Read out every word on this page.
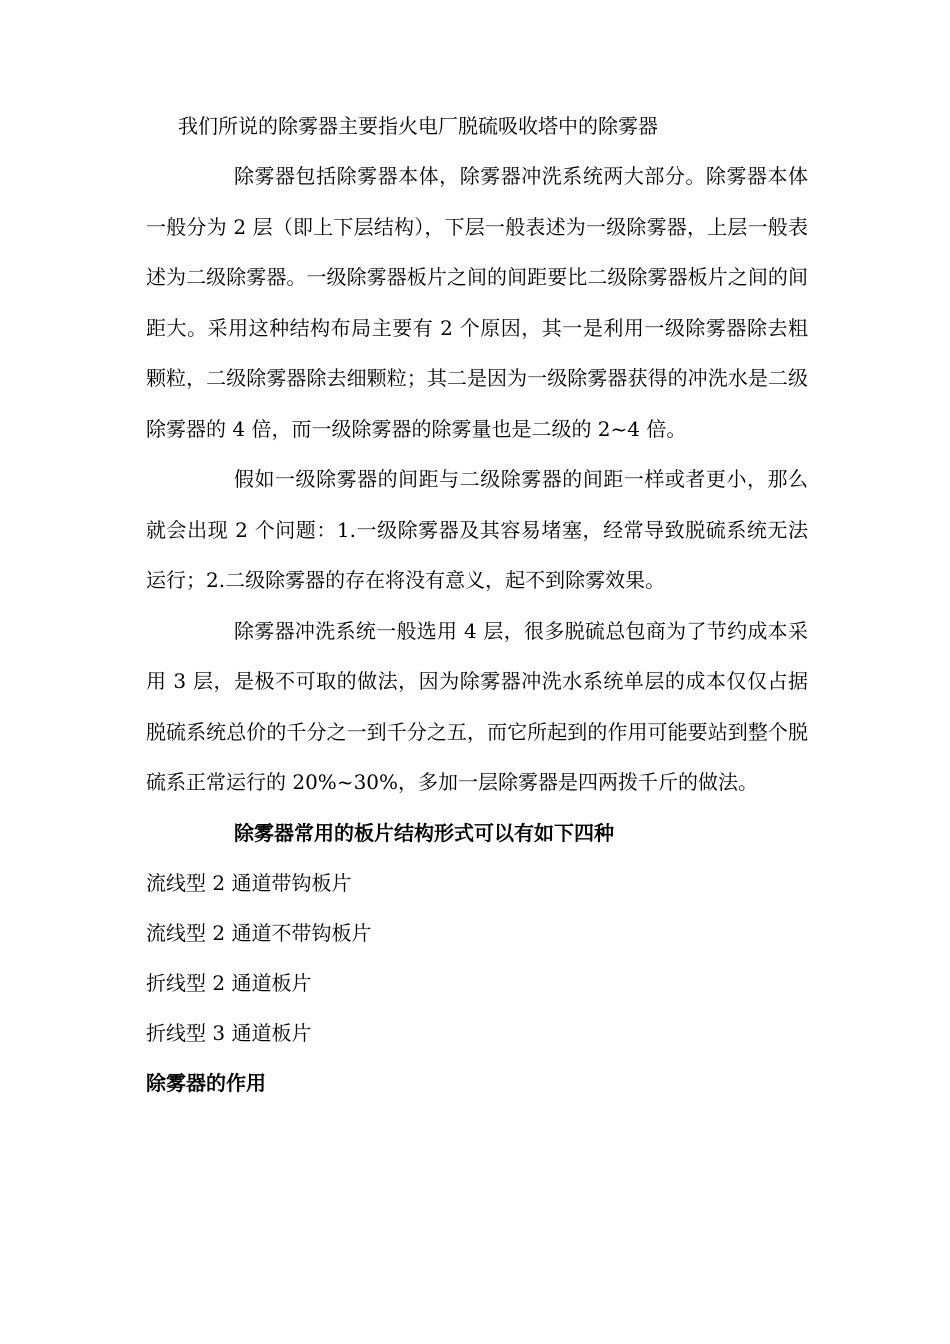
我们所说的除雾器主要指火电厂脱硫吸收塔中的除雾器

除雾器包括除雾器本体，除雾器冲洗系统两大部分。除雾器本体一般分为 2 层（即上下层结构），下层一般表述为一级除雾器，上层一般表述为二级除雾器。一级除雾器板片之间的间距要比二级除雾器板片之间的间距大。采用这种结构布局主要有 2 个原因，其一是利用一级除雾器除去粗颗粒，二级除雾器除去细颗粒；其二是因为一级除雾器获得的冲洗水是二级除雾器的 4 倍，而一级除雾器的除雾量也是二级的 2~4 倍。

假如一级除雾器的间距与二级除雾器的间距一样或者更小，那么就会出现 2 个问题：1.一级除雾器及其容易堵塞，经常导致脱硫系统无法运行；2.二级除雾器的存在将没有意义，起不到除雾效果。

除雾器冲洗系统一般选用 4 层，很多脱硫总包商为了节约成本采用 3 层，是极不可取的做法，因为除雾器冲洗水系统单层的成本仅仅占据脱硫系统总价的千分之一到千分之五，而它所起到的作用可能要站到整个脱硫系正常运行的 20%~30%，多加一层除雾器是四两拨千斤的做法。

除雾器常用的板片结构形式可以有如下四种

流线型 2 通道带钩板片
流线型 2 通道不带钩板片
折线型 2 通道板片
折线型 3 通道板片

除雾器的作用
